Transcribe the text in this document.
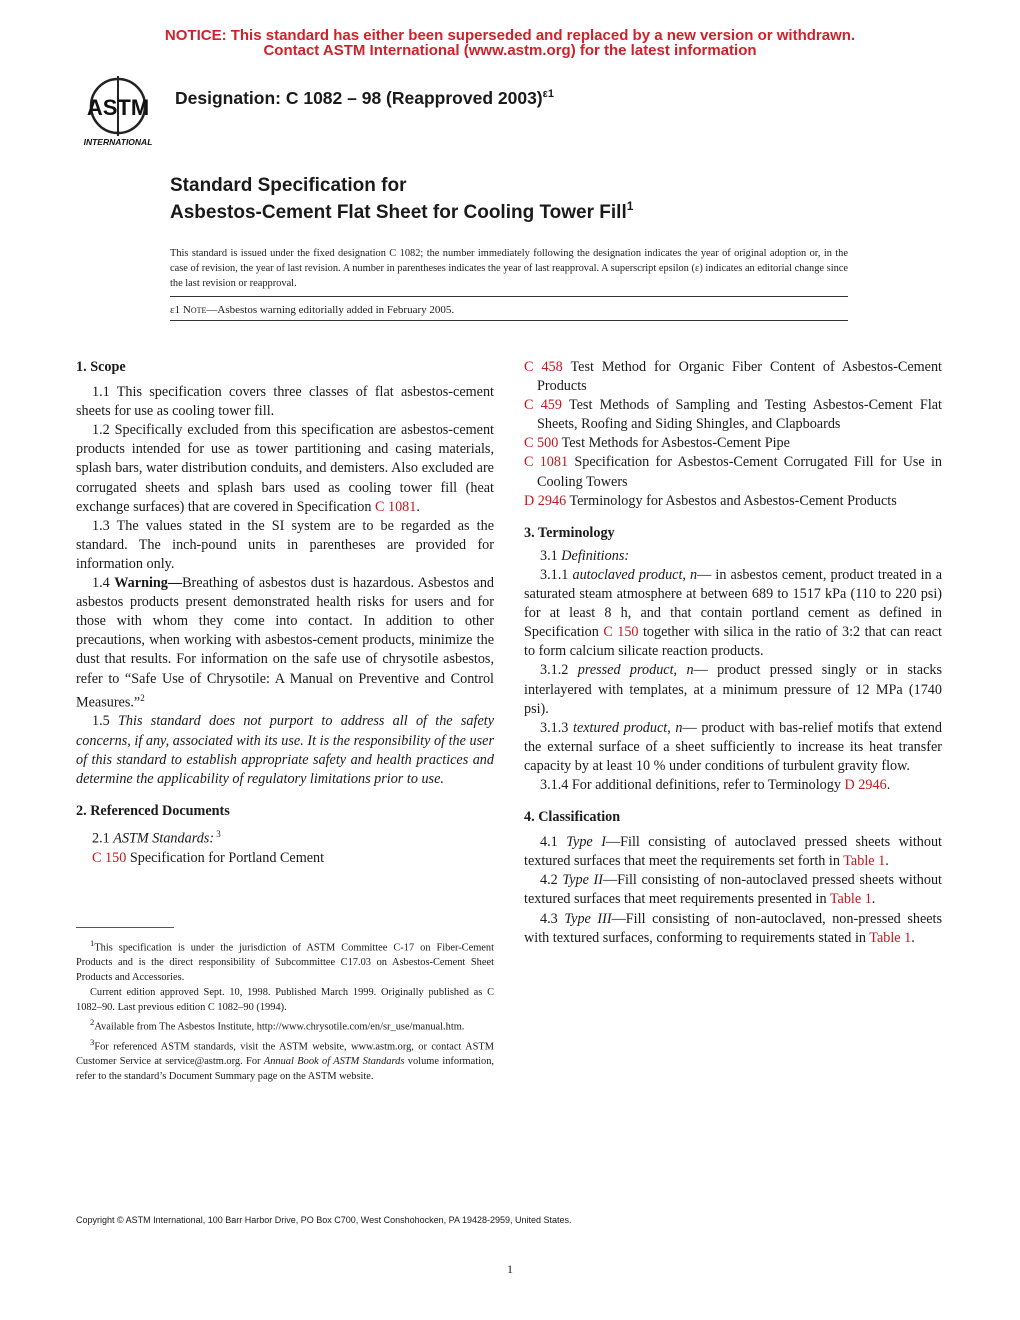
NOTICE: This standard has either been superseded and replaced by a new version or withdrawn.
Contact ASTM International (www.astm.org) for the latest information
ASTM
INTERNATIONAL
Designation: C 1082 – 98 (Reapproved 2003)$^{\varepsilon 1}$
Standard Specification for
Asbestos-Cement Flat Sheet for Cooling Tower Fill$^1$
This standard is issued under the fixed designation C 1082; the number immediately following the designation indicates the year of original adoption or, in the case of revision, the year of last revision. A number in parentheses indicates the year of last reapproval. A superscript epsilon (ε) indicates an editorial change since the last revision or reapproval.
ε1 Note—Asbestos warning editorially added in February 2005.

1. Scope

1.1 This specification covers three classes of flat asbestos-cement sheets for use as cooling tower fill.

1.2 Specifically excluded from this specification are asbestos-cement products intended for use as tower partitioning and casing materials, splash bars, water distribution conduits, and demisters. Also excluded are corrugated sheets and splash bars used as cooling tower fill (heat exchange surfaces) that are covered in Specification C 1081.

1.3 The values stated in the SI system are to be regarded as the standard. The inch-pound units in parentheses are provided for information only.

1.4 Warning—Breathing of asbestos dust is hazardous. Asbestos and asbestos products present demonstrated health risks for users and for those with whom they come into contact. In addition to other precautions, when working with asbestos-cement products, minimize the dust that results. For information on the safe use of chrysotile asbestos, refer to “Safe Use of Chrysotile: A Manual on Preventive and Control Measures.”$^2$

1.5 This standard does not purport to address all of the safety concerns, if any, associated with its use. It is the responsibility of the user of this standard to establish appropriate safety and health practices and determine the applicability of regulatory limitations prior to use.

2. Referenced Documents

2.1 ASTM Standards: $^3$

C 150 Specification for Portland Cement

$^1$This specification is under the jurisdiction of ASTM Committee C-17 on Fiber-Cement Products and is the direct responsibility of Subcommittee C17.03 on Asbestos-Cement Sheet Products and Accessories.

Current edition approved Sept. 10, 1998. Published March 1999. Originally published as C 1082–90. Last previous edition C 1082–90 (1994).

$^2$Available from The Asbestos Institute, http://www.chrysotile.com/en/sr_use/manual.htm.

$^3$For referenced ASTM standards, visit the ASTM website, www.astm.org, or contact ASTM Customer Service at service@astm.org. For Annual Book of ASTM Standards volume information, refer to the standard’s Document Summary page on the ASTM website.

C 458 Test Method for Organic Fiber Content of Asbestos-Cement Products

C 459 Test Methods of Sampling and Testing Asbestos-Cement Flat Sheets, Roofing and Siding Shingles, and Clapboards

C 500 Test Methods for Asbestos-Cement Pipe

C 1081 Specification for Asbestos-Cement Corrugated Fill for Use in Cooling Towers

D 2946 Terminology for Asbestos and Asbestos-Cement Products

3. Terminology

3.1 Definitions:

3.1.1 autoclaved product, n— in asbestos cement, product treated in a saturated steam atmosphere at between 689 to 1517 kPa (110 to 220 psi) for at least 8 h, and that contain portland cement as defined in Specification C 150 together with silica in the ratio of 3:2 that can react to form calcium silicate reaction products.

3.1.2 pressed product, n— product pressed singly or in stacks interlayered with templates, at a minimum pressure of 12 MPa (1740 psi).

3.1.3 textured product, n— product with bas-relief motifs that extend the external surface of a sheet sufficiently to increase its heat transfer capacity by at least 10 % under conditions of turbulent gravity flow.

3.1.4 For additional definitions, refer to Terminology D 2946.

4. Classification

4.1 Type I—Fill consisting of autoclaved pressed sheets without textured surfaces that meet the requirements set forth in Table 1.

4.2 Type II—Fill consisting of non-autoclaved pressed sheets without textured surfaces that meet requirements presented in Table 1.

4.3 Type III—Fill consisting of non-autoclaved, non-pressed sheets with textured surfaces, conforming to requirements stated in Table 1.

Copyright © ASTM International, 100 Barr Harbor Drive, PO Box C700, West Conshohocken, PA 19428-2959, United States.
1
